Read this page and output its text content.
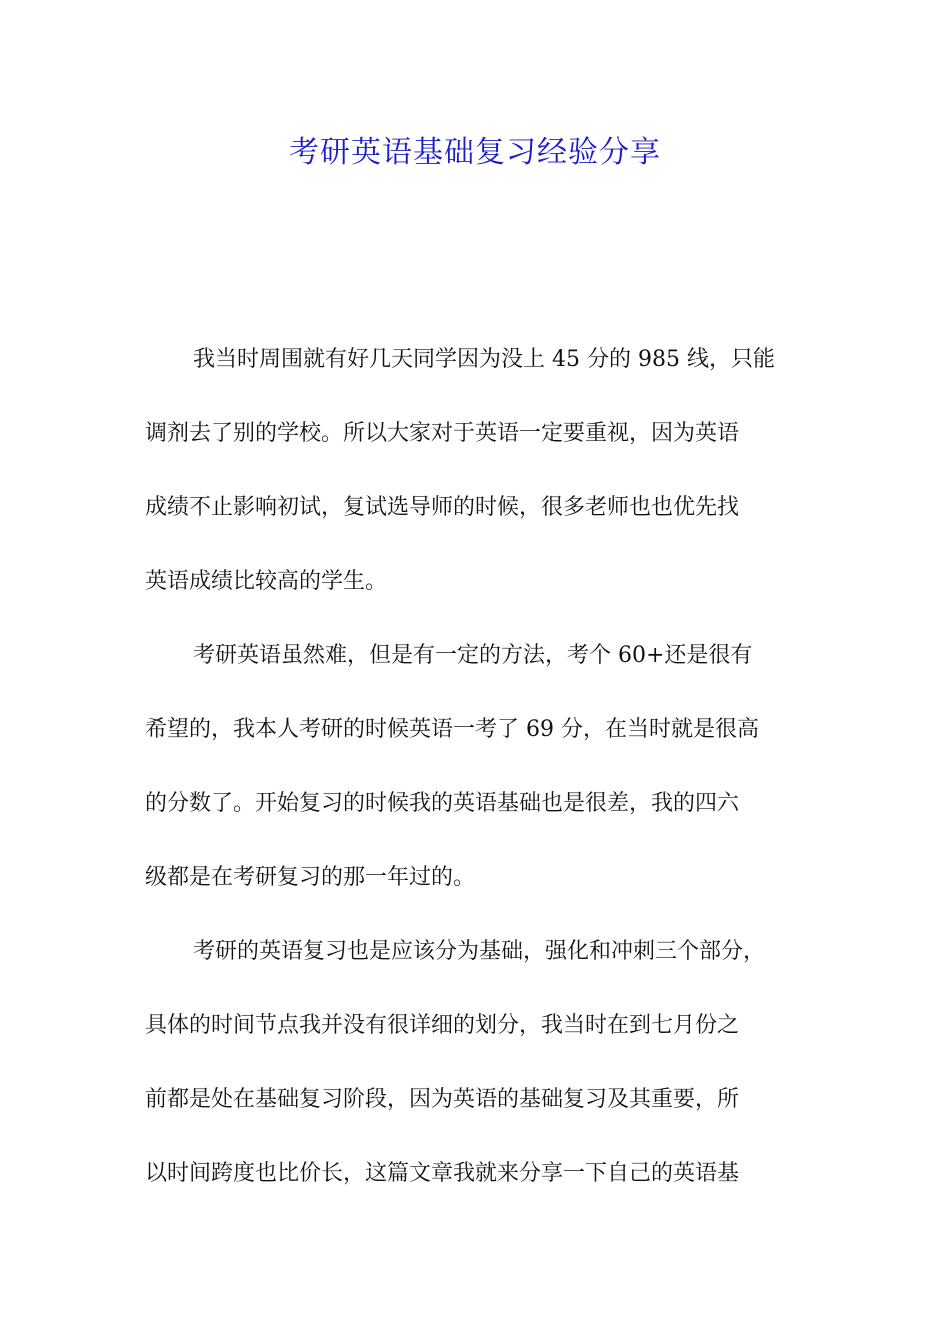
考研英语基础复习经验分享

我当时周围就有好几天同学因为没上 45 分的 985 线，只能
调剂去了别的学校。所以大家对于英语一定要重视，因为英语
成绩不止影响初试，复试选导师的时候，很多老师也也优先找
英语成绩比较高的学生。

考研英语虽然难，但是有一定的方法，考个 60+还是很有
希望的，我本人考研的时候英语一考了 69 分，在当时就是很高
的分数了。开始复习的时候我的英语基础也是很差，我的四六
级都是在考研复习的那一年过的。

考研的英语复习也是应该分为基础，强化和冲刺三个部分，
具体的时间节点我并没有很详细的划分，我当时在到七月份之
前都是处在基础复习阶段，因为英语的基础复习及其重要，所
以时间跨度也比价长，这篇文章我就来分享一下自己的英语基
